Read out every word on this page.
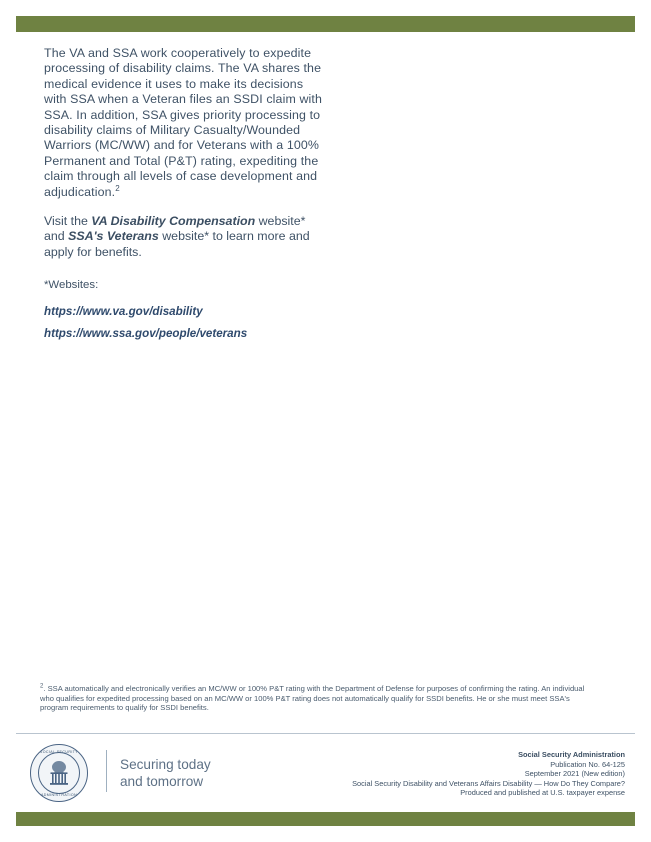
The VA and SSA work cooperatively to expedite processing of disability claims. The VA shares the medical evidence it uses to make its decisions with SSA when a Veteran files an SSDI claim with SSA. In addition, SSA gives priority processing to disability claims of Military Casualty/Wounded Warriors (MC/WW) and for Veterans with a 100% Permanent and Total (P&T) rating, expediting the claim through all levels of case development and adjudication.$^2$

Visit the VA Disability Compensation website* and SSA's Veterans website* to learn more and apply for benefits.

*Websites:

https://www.va.gov/disability
https://www.ssa.gov/people/veterans
$^2$. SSA automatically and electronically verifies an MC/WW or 100% P&T rating with the Department of Defense for purposes of confirming the rating. An individual who qualifies for expedited processing based on an MC/WW or 100% P&T rating does not automatically qualify for SSDI benefits. He or she must meet SSA's program requirements to qualify for SSDI benefits.
SOCIAL SECURITY
ADMINISTRATION
Securing today
and tomorrow
Social Security Administration
Publication No. 64-125
September 2021 (New edition)
Social Security Disability and Veterans Affairs Disability — How Do They Compare?
Produced and published at U.S. taxpayer expense
